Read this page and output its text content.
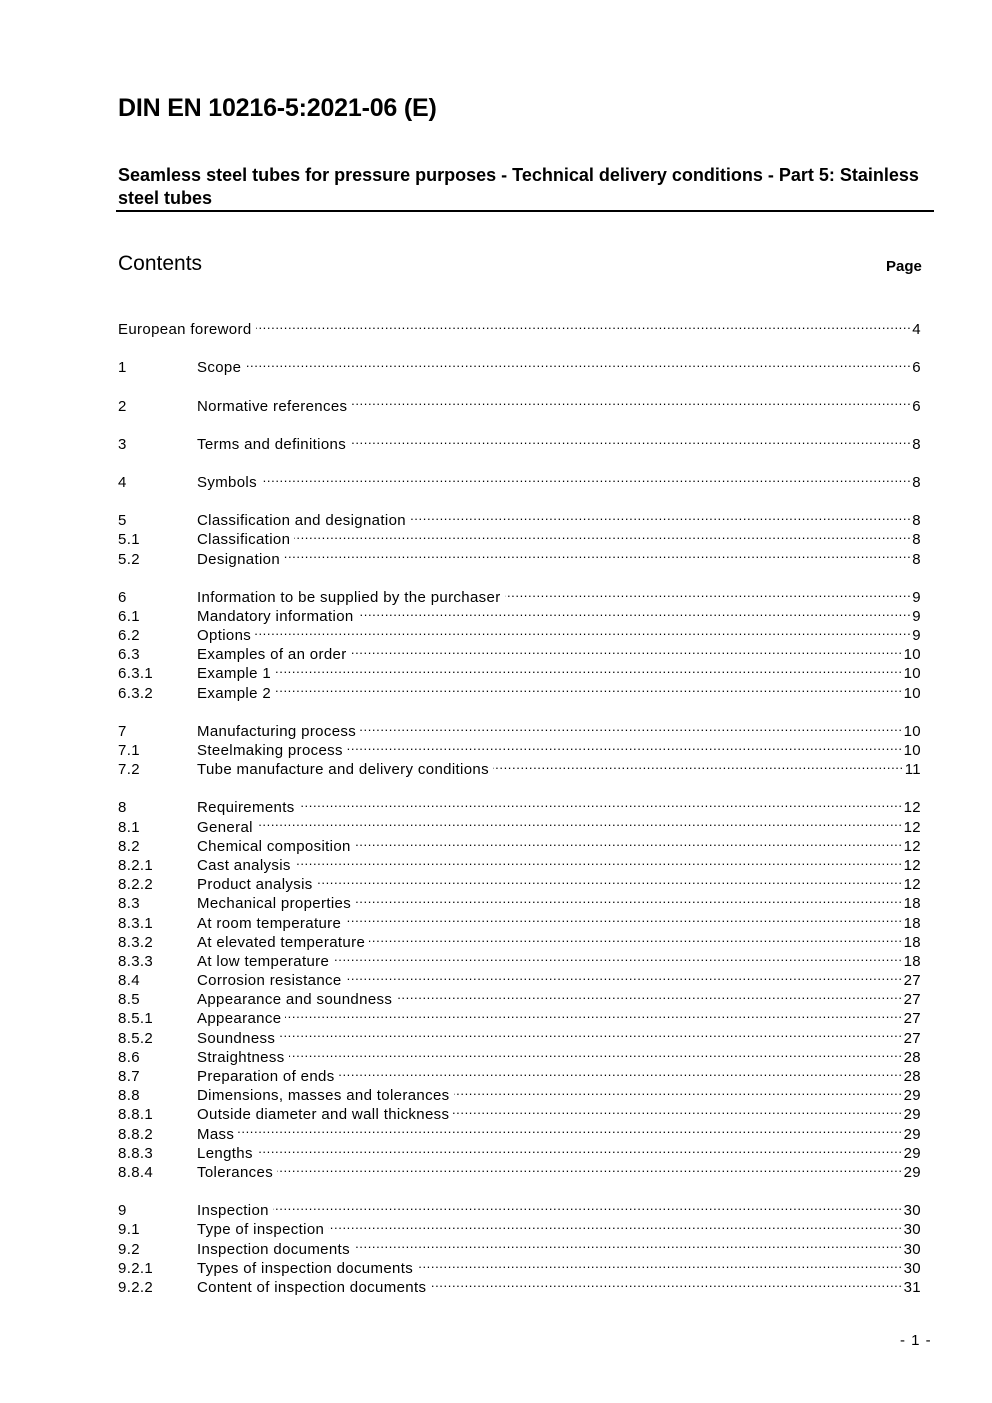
DIN EN 10216-5:2021-06 (E)
Seamless steel tubes for pressure purposes - Technical delivery conditions - Part 5: Stainless steel tubes
Contents	Page
European foreword .....	4
1	Scope .....	6
2	Normative references .....	6
3	Terms and definitions .....	8
4	Symbols .....	8
5	Classification and designation .....	8
5.1	Classification .....	8
5.2	Designation .....	8
6	Information to be supplied by the purchaser .....	9
6.1	Mandatory information .....	9
6.2	Options .....	9
6.3	Examples of an order .....	10
6.3.1	Example 1 .....	10
6.3.2	Example 2 .....	10
7	Manufacturing process .....	10
7.1	Steelmaking process .....	10
7.2	Tube manufacture and delivery conditions .....	11
8	Requirements .....	12
8.1	General .....	12
8.2	Chemical composition .....	12
8.2.1	Cast analysis .....	12
8.2.2	Product analysis .....	12
8.3	Mechanical properties .....	18
8.3.1	At room temperature .....	18
8.3.2	At elevated temperature .....	18
8.3.3	At low temperature .....	18
8.4	Corrosion resistance .....	27
8.5	Appearance and soundness .....	27
8.5.1	Appearance .....	27
8.5.2	Soundness .....	27
8.6	Straightness .....	28
8.7	Preparation of ends .....	28
8.8	Dimensions, masses and tolerances .....	29
8.8.1	Outside diameter and wall thickness .....	29
8.8.2	Mass .....	29
8.8.3	Lengths .....	29
8.8.4	Tolerances .....	29
9	Inspection .....	30
9.1	Type of inspection .....	30
9.2	Inspection documents .....	30
9.2.1	Types of inspection documents .....	30
9.2.2	Content of inspection documents .....	31
- 1 -
